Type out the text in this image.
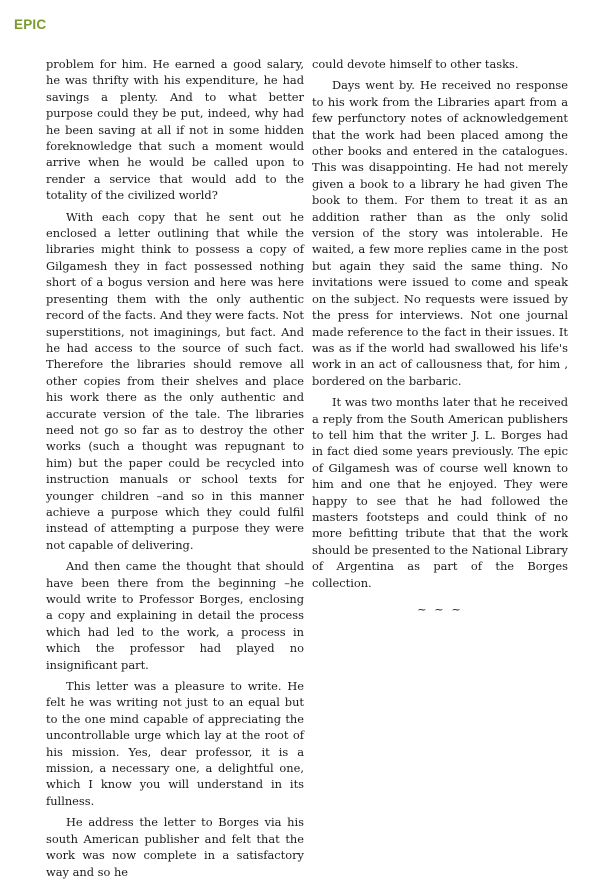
EPIC

problem for him. He earned a good salary, he was thrifty with his expenditure, he had savings a plenty. And to what better purpose could they be put, indeed, why had he been saving at all if not in some hidden foreknowledge that such a moment would arrive when he would be called upon to render a service that would add to the totality of the civilized world?

With each copy that he sent out he enclosed a letter outlining that while the libraries might think to possess a copy of Gilgamesh they in fact possessed nothing short of a bogus version and here was here presenting them with the only authentic record of the facts. And they were facts. Not superstitions, not imaginings, but fact. And he had access to the source of such fact. Therefore the libraries should remove all other copies from their shelves and place his work there as the only authentic and accurate version of the tale. The libraries need not go so far as to destroy the other works (such a thought was repugnant to him) but the paper could be recycled into instruction manuals or school texts for younger children –and so in this manner achieve a purpose which they could fulfil instead of attempting a purpose they were not capable of delivering.

And then came the thought that should have been there from the beginning –he would write to Professor Borges, enclosing a copy and explaining in detail the process which had led to the work, a process in which the professor had played no insignificant part.

This letter was a pleasure to write. He felt he was writing not just to an equal but to the one mind capable of appreciating the uncontrollable urge which lay at the root of his mission. Yes, dear professor, it is a mission, a necessary one, a delightful one, which I know you will understand in its fullness.

He address the letter to Borges via his south American publisher and felt that the work was now complete in a satisfactory way and so he

could devote himself to other tasks.

Days went by. He received no response to his work from the Libraries apart from a few perfunctory notes of acknowledgement that the work had been placed among the other books and entered in the catalogues. This was disappointing. He had not merely given a book to a library he had given The book to them. For them to treat it as an addition rather than as the only solid version of the story was intolerable. He waited, a few more replies came in the post but again they said the same thing. No invitations were issued to come and speak on the subject. No requests were issued by the press for interviews. Not one journal made reference to the fact in their issues. It was as if the world had swallowed his life's work in an act of callousness that, for him , bordered on the barbaric.

It was two months later that he received a reply from the South American publishers to tell him that the writer J. L. Borges had in fact died some years previously. The epic of Gilgamesh was of course well known to him and one that he enjoyed. They were happy to see that he had followed the masters footsteps and could think of no more befitting tribute that that the work should be presented to the National Library of Argentina as part of the Borges collection.

~ ~ ~
